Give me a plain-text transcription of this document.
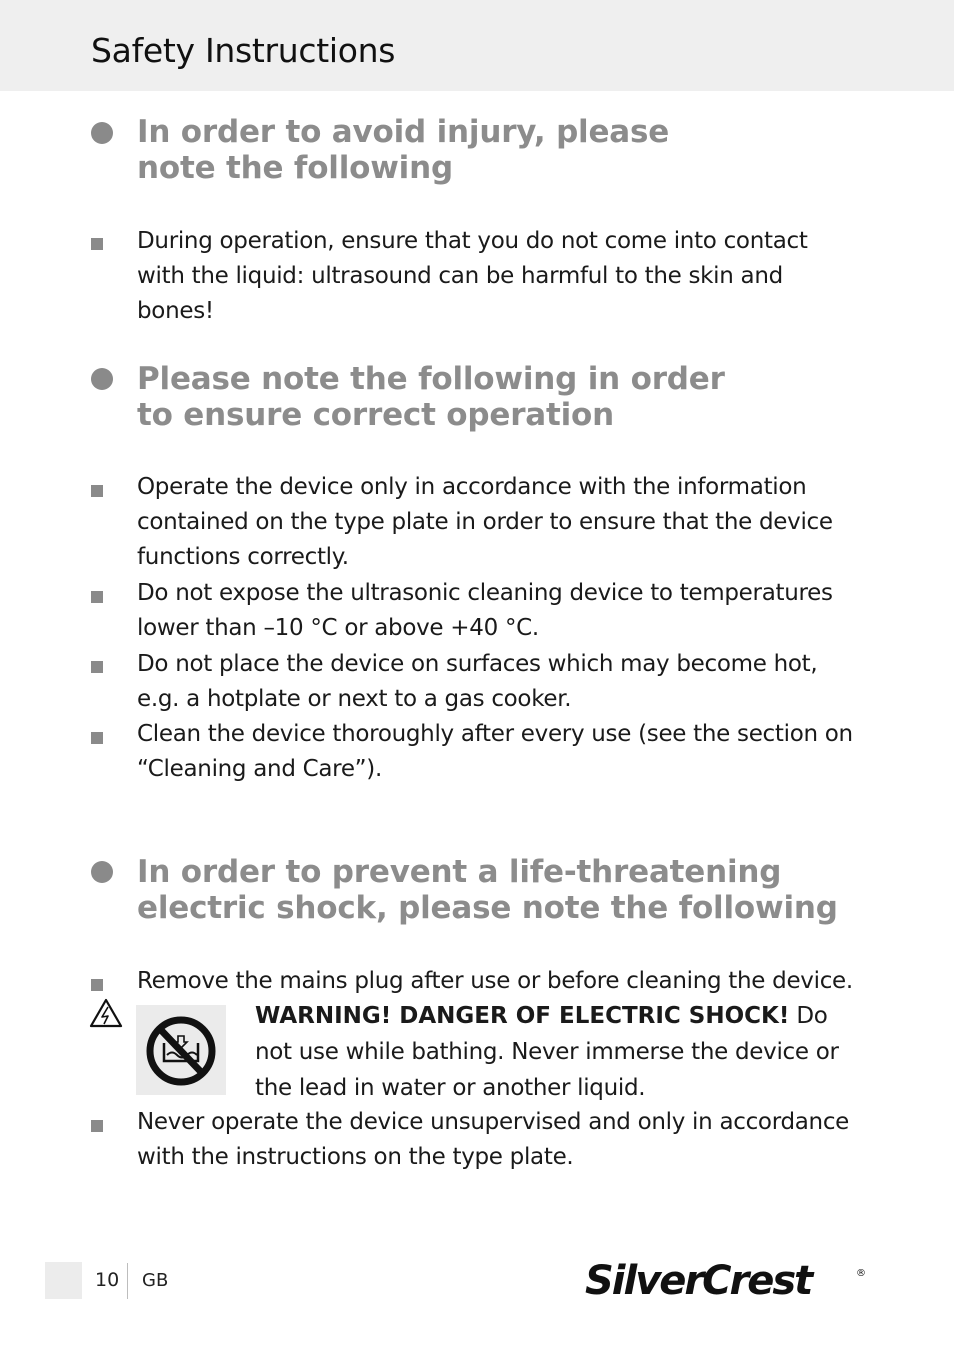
Safety Instructions
In order to avoid injury, please
note the following
During operation, ensure that you do not come into contact with the liquid: ultrasound can be harmful to the skin and bones!
Please note the following in order
to ensure correct operation
Operate the device only in accordance with the information contained on the type plate in order to ensure that the device functions correctly.
Do not expose the ultrasonic cleaning device to temperatures lower than –10 °C or above +40 °C.
Do not place the device on surfaces which may become hot, e.g. a hotplate or next to a gas cooker.
Clean the device thoroughly after every use (see the section on “Cleaning and Care”).
In order to prevent a life-threatening
electric shock, please note the following
Remove the mains plug after use or before cleaning the device.
WARNING! DANGER OF ELECTRIC SHOCK! Do not use while bathing. Never immerse the device or the lead in water or another liquid.
Never operate the device unsupervised and only in accordance with the instructions on the type plate.
10 GB	SilverCrest	®
